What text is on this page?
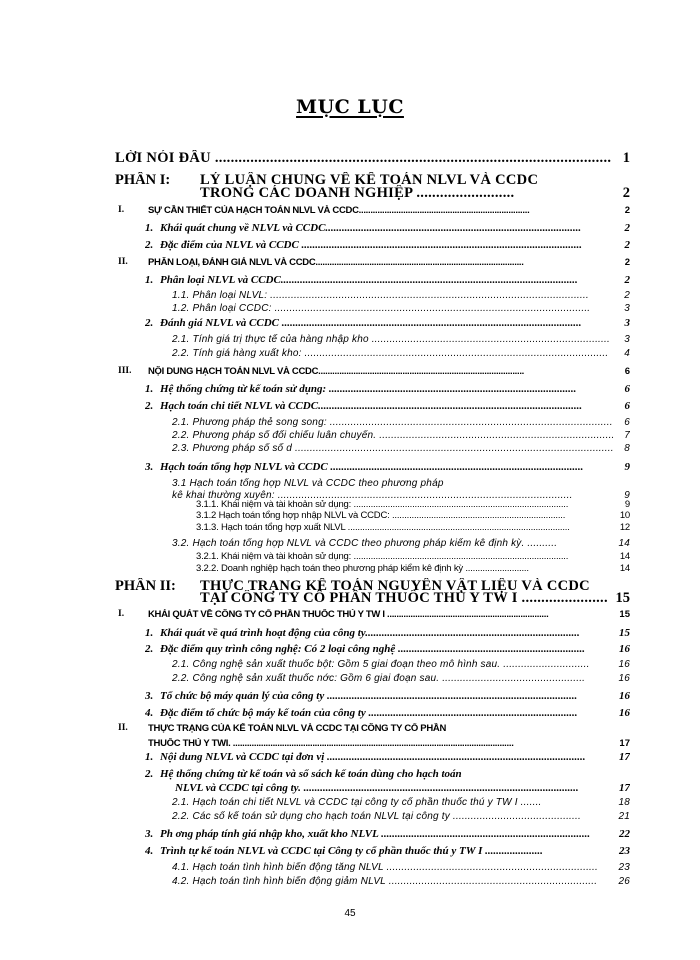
MỤC LỤC
LỜI NÓI ĐẦU ..................................................................................................... 1
PHẦN I: LÝ LUẬN CHUNG VỀ KẾ TOÁN NLVL VÀ CCDC
TRONG CÁC DOANH NGHIỆP .........................	2
I.	SỰ CẦN THIẾT CỦA HẠCH TOÁN NLVL VÀ CCDC.........................................................................	2
1. Khái quát chung về NLVL và CCDC.............................................................................................	2
2. Đặc điểm của NLVL và CCDC ......................................................................................................	2
II. PHÂN LOẠI, ĐÁNH GIÁ NLVL VÀ CCDC.........................................................................................	2
1. Phân loại NLVL và CCDC............................................................................................................	2
1.1. Phân loại NLVL: ...........................................................................................................	2
1.2. Phân loại CCDC: ..........................................................................................................	3
2. Đánh giá NLVL và CCDC .............................................................................................................	3
2.1. Tính giá trị thực tế của hàng nhập kho ................................................................................	3
2.2. Tính giá hàng xuất kho: ......................................................................................................	4
III. NỘI DUNG HẠCH TOÁN NLVL VÀ CCDC........................................................................................	6
1. Hệ thống chứng từ kế toán sử dụng: ..........................................................................................	6
2. Hạch toán chi tiết NLVL và CCDC................................................................................................	6
2.1. Phương pháp thẻ song song: ...............................................................................................	6
2.2. Phương pháp sổ đối chiếu luân chuyển. ............................................................................... 7
2.3. Phương pháp sổ số d ...........................................................................................................	8
3. Hạch toán tổng hợp NLVL và CCDC ............................................................................................	9
3.1 Hạch toán tổng hợp NLVL và CCDC theo phương pháp
kê khai thường xuyên: ...................................................................................................	9
3.1.1. Khái niệm và tài khoản sử dụng: ........................................................................................	9
3.1.2 Hạch toán tổng hợp nhập NLVL và CCDC: .......................................................................	10
3.1.3. Hạch toán tổng hợp xuất NLVL ...........................................................................................	12
3.2. Hạch toán tổng hợp NLVL và CCDC theo phương pháp kiểm kê định kỳ. ..........	14
3.2.1. Khái niệm và tài khoản sử dụng: ........................................................................................	14
3.2.2. Doanh nghiệp hạch toán theo phương pháp kiểm kê định kỳ ..........................	14
PHẦN II: THỰC TRẠNG KẾ TOÁN NGUYÊN VẬT LIỆU VÀ CCDC
TẠI CÔNG TY CỔ PHẦN THUỐC THÚ Y TW I ...................... 15
I.	KHÁI QUÁT VỀ CÔNG TY CỔ PHẦN THUỐC THÚ Y TW I .....................................................................	15
1. Khái quát về quá trình hoạt động của công ty..............................................................................	15
2. Đặc điểm quy trình công nghệ: Có 2 loại công nghệ ....................................................................	16
2.1. Công nghệ sản xuất thuốc bột: Gồm 5 giai đoạn theo mô hình sau. .............................	16
2.2. Công nghệ sản xuất thuốc nớc: Gồm 6 giai đoạn sau. ................................................	16
3. Tổ chức bộ máy quản lý của công ty ...........................................................................................	16
4. Đặc điểm tổ chức bộ máy kế toán của công ty ............................................................................	16
II. THỰC TRẠNG CỦA KẾ TOÁN NLVL VÀ CCDC TẠI CÔNG TY CỔ PHẦN
THUỐC THÚ Y TWI. ........................................................................................................................	17
1. Nội dung NLVL và CCDC tại đơn vị ..............................................................................................	17
2. Hệ thống chứng từ kế toán và sổ sách kế toán dùng cho hạch toán
NLVL và CCDC tại công ty. ....................................................................................................	17
2.1. Hạch toán chi tiết NLVL và CCDC tại công ty cổ phần thuốc thú y TW I .......	18
2.2. Các sổ kế toán sử dụng cho hạch toán NLVL tại công ty ...........................................	21
3. Ph ơng pháp tính giá nhập kho, xuất kho NLVL ............................................................................	22
4. Trình tự kế toán NLVL và CCDC tại Công ty cổ phần thuốc thú y TW I .....................	23
4.1. Hạch toán tình hình biến động tăng NLVL .......................................................................	23
4.2. Hạch toán tình hình biến động giảm NLVL ......................................................................	26
45
